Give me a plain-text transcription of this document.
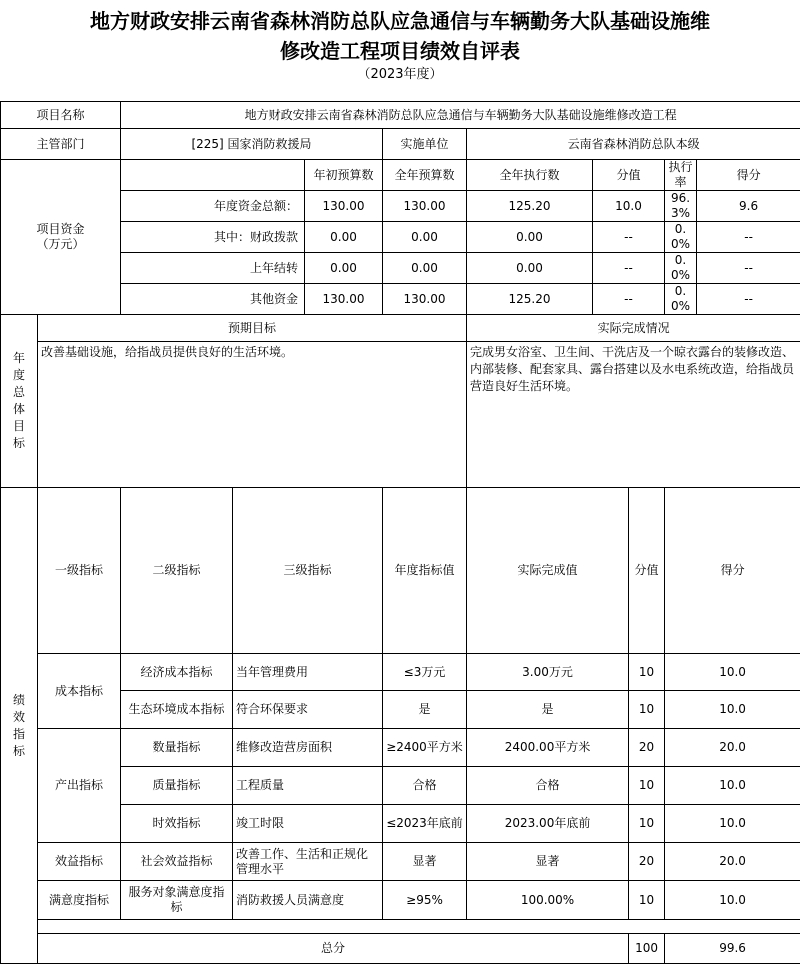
地方财政安排云南省森林消防总队应急通信与车辆勤务大队基础设施维
修改造工程项目绩效自评表
（2023年度）
项目名称		地方财政安排云南省森林消防总队应急通信与车辆勤务大队基础设施维修改造工程									
主管部门		[225] 国家消防救援局			实施单位	云南省森林消防总队本级					
项目资金
（万元）				年初预算数	全年预算数	全年执行数	分值		执行率	得分	
		年度资金总额：		130.00	130.00	125.20	10.0		96.3%	9.6	
		其中：财政拨款		0.00	0.00	0.00	--		0.0%	--	
		上年结转		0.00	0.00	0.00	--		0.0%	--	
		其他资金		130.00	130.00	125.20	--		0.0%	--	
年度总体目标	预期目标					实际完成情况					
	改善基础设施，给指战员提供良好的生活环境。					完成男女浴室、卫生间、干洗店及一个晾衣露台的装修改造、内部装修、配套家具、露台搭建以及水电系统改造，给指战员营造良好生活环境。					
绩效指标	一级指标	二级指标	三级指标		年度指标值	实际完成值		分值	得分	
	成本指标	经济成本指标	当年管理费用		≤3万元	3.00万元		10	10.0		
		生态环境成本指标	符合环保要求		是	是		10	10.0		
	产出指标	数量指标	维修改造营房面积		≥2400平方米	2400.00平方米		20	20.0		
		质量指标	工程质量		合格	合格		10	10.0		
		时效指标	竣工时限		≤2023年底前	2023.00年底前		10	10.0		
	效益指标	社会效益指标	改善工作、生活和正规化管理水平		显著	显著		20	20.0		
	满意度指标	服务对象满意度指标	消防救援人员满意度		≥95%	100.00%		10	10.0		

	总分							100	99.6		
